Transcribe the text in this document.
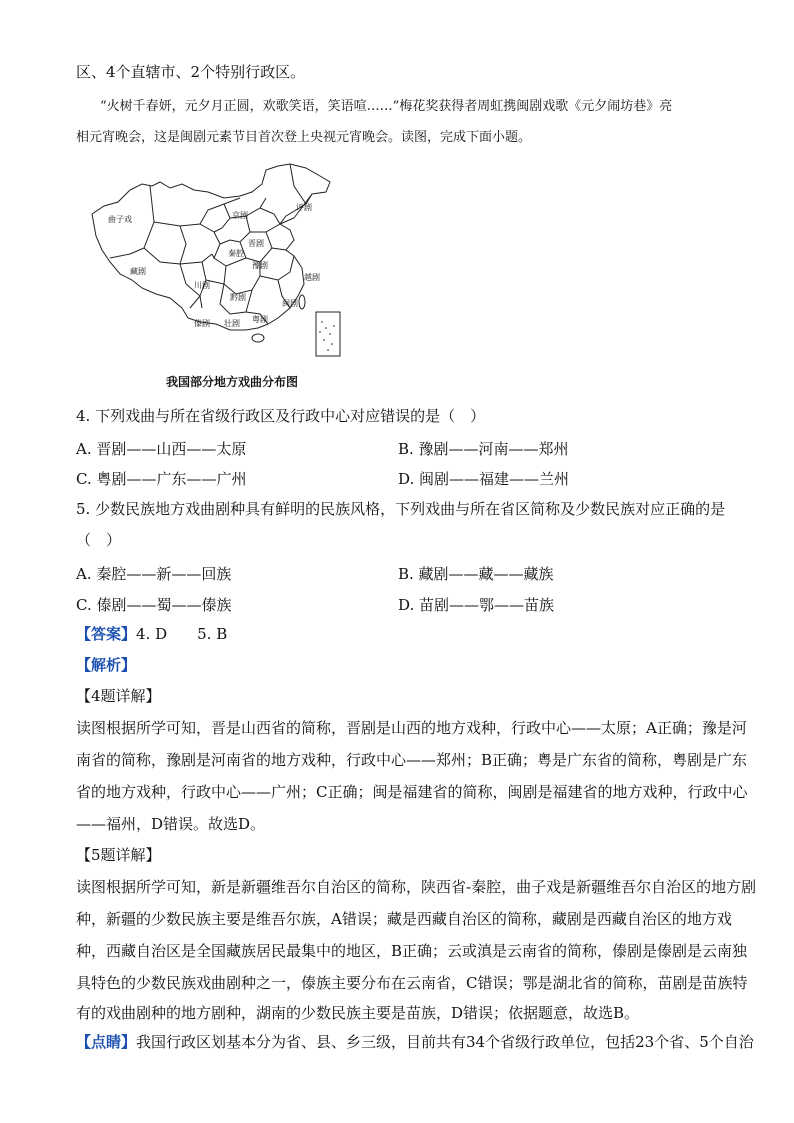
区、4个直辖市、2个特别行政区。
“火树千春妍，元夕月正圆，欢歌笑语，笑语喧……”梅花奖获得者周虹携闽剧戏歌《元夕闹坊巷》亮
相元宵晚会，这是闽剧元素节目首次登上央视元宵晚会。读图，完成下面小题。
曲子戏	京剧
评剧
晋剧
秦腔
豫剧
越剧
藏剧
川剧
黔剧
闽剧
傣剧 壮剧 粤剧
我国部分地方戏曲分布图
4. 下列戏曲与所在省级行政区及行政中心对应错误的是（　）
A. 晋剧——山西——太原	B. 豫剧——河南——郑州
C. 粤剧——广东——广州	D. 闽剧——福建——兰州
5. 少数民族地方戏曲剧种具有鲜明的民族风格，下列戏曲与所在省区简称及少数民族对应正确的是
（　）
A. 秦腔——新——回族	B. 藏剧——藏——藏族
C. 傣剧——蜀——傣族	D. 苗剧——鄂——苗族
【答案】4. D　　5. B
【解析】
【4题详解】
读图根据所学可知，晋是山西省的简称，晋剧是山西的地方戏种，行政中心——太原；A正确；豫是河
南省的简称，豫剧是河南省的地方戏种，行政中心——郑州；B正确；粤是广东省的简称，粤剧是广东
省的地方戏种，行政中心——广州；C正确；闽是福建省的简称，闽剧是福建省的地方戏种，行政中心
——福州，D错误。故选D。
【5题详解】
读图根据所学可知，新是新疆维吾尔自治区的简称，陕西省-秦腔，曲子戏是新疆维吾尔自治区的地方剧
种，新疆的少数民族主要是维吾尔族，A错误；藏是西藏自治区的简称，藏剧是西藏自治区的地方戏
种，西藏自治区是全国藏族居民最集中的地区，B正确；云或滇是云南省的简称，傣剧是傣剧是云南独
具特色的少数民族戏曲剧种之一，傣族主要分布在云南省，C错误；鄂是湖北省的简称，苗剧是苗族特
有的戏曲剧种的地方剧种，湖南的少数民族主要是苗族，D错误；依据题意，故选B。
【点睛】我国行政区划基本分为省、县、乡三级，目前共有34个省级行政单位，包括23个省、5个自治
